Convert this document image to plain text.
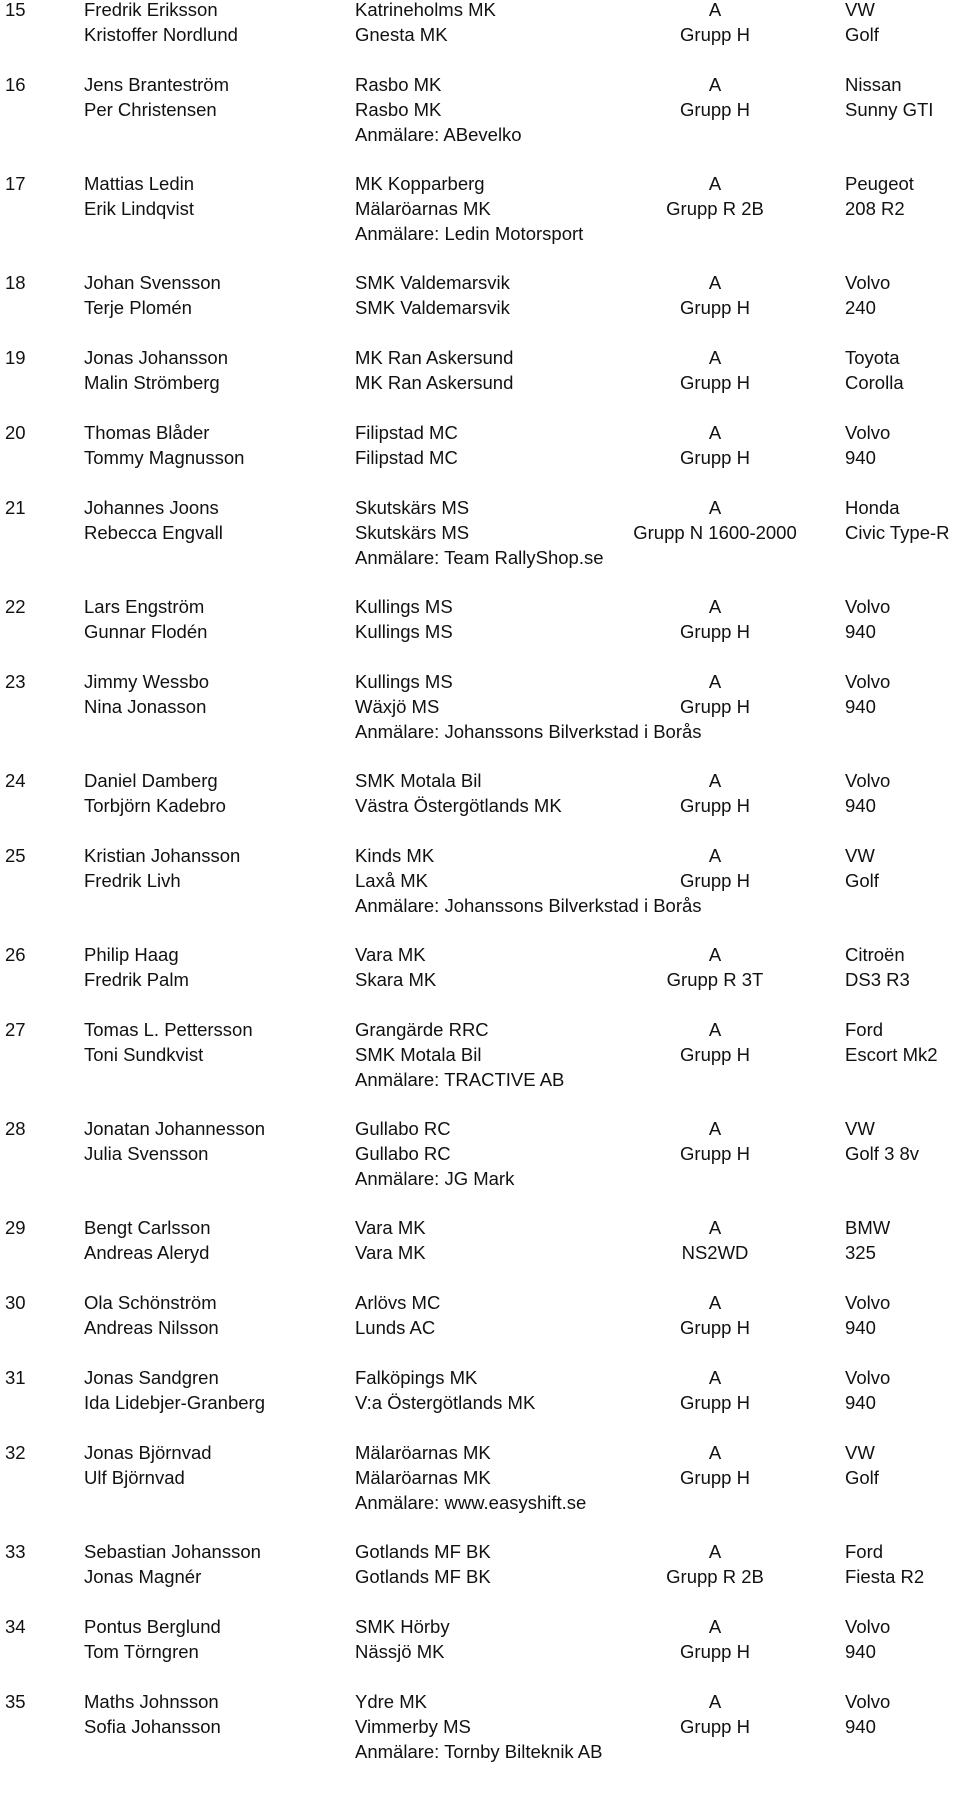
15	Fredrik Eriksson	Katrineholms MK	A	VW
Kristoffer Nordlund	Gnesta MK	Grupp H	Golf
16	Jens Branteström	Rasbo MK	A	Nissan
Per Christensen	Rasbo MK	Grupp H	Sunny GTI
Anmälare: ABevelko
17	Mattias Ledin	MK Kopparberg	A	Peugeot
Erik Lindqvist	Mälaröarnas MK	Grupp R 2B	208 R2
Anmälare: Ledin Motorsport
18	Johan Svensson	SMK Valdemarsvik	A	Volvo
Terje Plomén	SMK Valdemarsvik	Grupp H	240
19	Jonas Johansson	MK Ran Askersund	A	Toyota
Malin Strömberg	MK Ran Askersund	Grupp H	Corolla
20	Thomas Blåder	Filipstad MC	A	Volvo
Tommy Magnusson	Filipstad MC	Grupp H	940
21	Johannes Joons	Skutskärs MS	A	Honda
Rebecca Engvall	Skutskärs MS	Grupp N 1600-2000	Civic Type-R
Anmälare: Team RallyShop.se
22	Lars Engström	Kullings MS	A	Volvo
Gunnar Flodén	Kullings MS	Grupp H	940
23	Jimmy Wessbo	Kullings MS	A	Volvo
Nina Jonasson	Wäxjö MS	Grupp H	940
Anmälare: Johanssons Bilverkstad i Borås
24	Daniel Damberg	SMK Motala Bil	A	Volvo
Torbjörn Kadebro	Västra Östergötlands MK	Grupp H	940
25	Kristian Johansson	Kinds MK	A	VW
Fredrik Livh	Laxå MK	Grupp H	Golf
Anmälare: Johanssons Bilverkstad i Borås
26	Philip Haag	Vara MK	A	Citroën
Fredrik Palm	Skara MK	Grupp R 3T	DS3 R3
27	Tomas L. Pettersson	Grangärde RRC	A	Ford
Toni Sundkvist	SMK Motala Bil	Grupp H	Escort Mk2
Anmälare: TRACTIVE AB
28	Jonatan Johannesson	Gullabo RC	A	VW
Julia Svensson	Gullabo RC	Grupp H	Golf 3 8v
Anmälare: JG Mark
29	Bengt Carlsson	Vara MK	A	BMW
Andreas Aleryd	Vara MK	NS2WD	325
30	Ola Schönström	Arlövs MC	A	Volvo
Andreas Nilsson	Lunds AC	Grupp H	940
31	Jonas Sandgren	Falköpings MK	A	Volvo
Ida Lidebjer-Granberg	V:a Östergötlands MK	Grupp H	940
32	Jonas Björnvad	Mälaröarnas MK	A	VW
Ulf Björnvad	Mälaröarnas MK	Grupp H	Golf
Anmälare: www.easyshift.se
33	Sebastian Johansson	Gotlands MF BK	A	Ford
Jonas Magnér	Gotlands MF BK	Grupp R 2B	Fiesta R2
34	Pontus Berglund	SMK Hörby	A	Volvo
Tom Törngren	Nässjö MK	Grupp H	940
35	Maths Johnsson	Ydre MK	A	Volvo
Sofia Johansson	Vimmerby MS	Grupp H	940
Anmälare: Tornby Bilteknik AB
